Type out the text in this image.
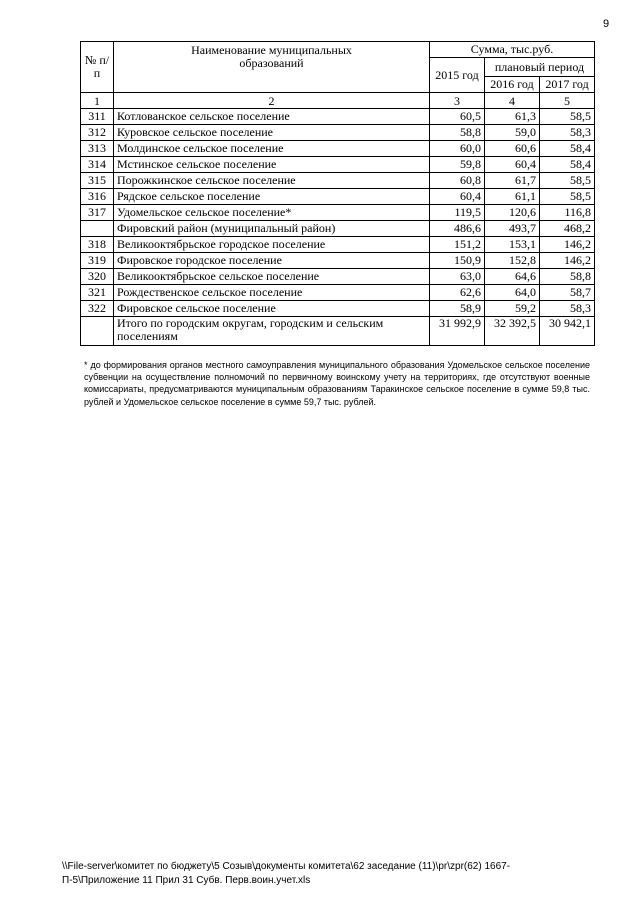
9
№ п/п	Наименование муниципальных образований	Сумма, тыс.руб.		
		2015 год	плановый период	
			2016 год	2017 год
1	2	3	4	5
311	Котлованское сельское поселение	60,5	61,3	58,5
312	Куровское сельское поселение	58,8	59,0	58,3
313	Молдинское сельское поселение	60,0	60,6	58,4
314	Мстинское сельское поселение	59,8	60,4	58,4
315	Порожкинское сельское поселение	60,8	61,7	58,5
316	Рядское сельское поселение	60,4	61,1	58,5
317	Удомельское сельское поселение*	119,5	120,6	116,8
	Фировский район (муниципальный район)	486,6	493,7	468,2
318	Великооктябрьское городское поселение	151,2	153,1	146,2
319	Фировское городское поселение	150,9	152,8	146,2
320	Великооктябрьское сельское поселение	63,0	64,6	58,8
321	Рождественское сельское поселение	62,6	64,0	58,7
322	Фировское сельское поселение	58,9	59,2	58,3
	Итого по городским округам, городским и сельским поселениям	31 992,9	32 392,5	30 942,1
* до формирования органов местного самоуправления муниципального образования Удомельское сельское поселение субвенции на осуществление полномочий по первичному воинскому учету на территориях, где отсутствуют военные комиссариаты, предусматриваются муниципальным образованиям Таракинское сельское поселение в сумме 59,8 тыс. рублей и Удомельское сельское поселение в сумме 59,7 тыс. рублей.
\\File-server\комитет по бюджету\5 Созыв\документы комитета\62 заседание (11)\pr\zpr(62) 1667-П-5\Приложение 11 Прил 31 Субв. Перв.воин.учет.xls
